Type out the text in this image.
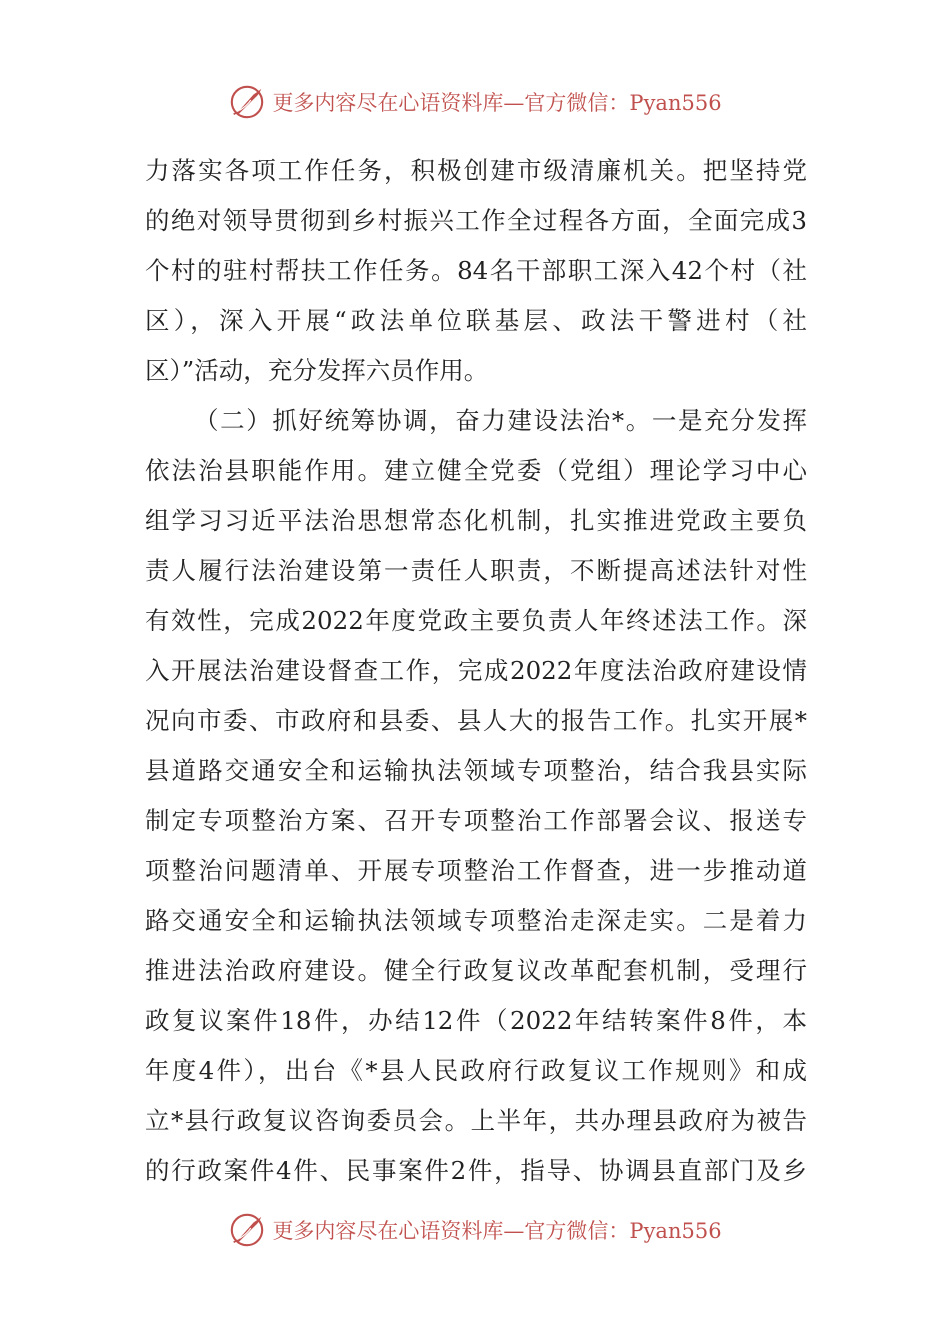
更多内容尽在心语资料库—官方微信：Pyan556
力落实各项工作任务，积极创建市级清廉机关。把坚持党
的绝对领导贯彻到乡村振兴工作全过程各方面，全面完成3
个村的驻村帮扶工作任务。84名干部职工深入42个村（社
区），深入开展“政法单位联基层、政法干警进村（社
区）”活动，充分发挥六员作用。
（二）抓好统筹协调，奋力建设法治*。一是充分发挥
依法治县职能作用。建立健全党委（党组）理论学习中心
组学习习近平法治思想常态化机制，扎实推进党政主要负
责人履行法治建设第一责任人职责，不断提高述法针对性
有效性，完成2022年度党政主要负责人年终述法工作。深
入开展法治建设督查工作，完成2022年度法治政府建设情
况向市委、市政府和县委、县人大的报告工作。扎实开展*
县道路交通安全和运输执法领域专项整治，结合我县实际
制定专项整治方案、召开专项整治工作部署会议、报送专
项整治问题清单、开展专项整治工作督查，进一步推动道
路交通安全和运输执法领域专项整治走深走实。二是着力
推进法治政府建设。健全行政复议改革配套机制，受理行
政复议案件18件，办结12件（2022年结转案件8件，本
年度4件），出台《*县人民政府行政复议工作规则》和成
立*县行政复议咨询委员会。上半年，共办理县政府为被告
的行政案件4件、民事案件2件，指导、协调县直部门及乡
更多内容尽在心语资料库—官方微信：Pyan556
